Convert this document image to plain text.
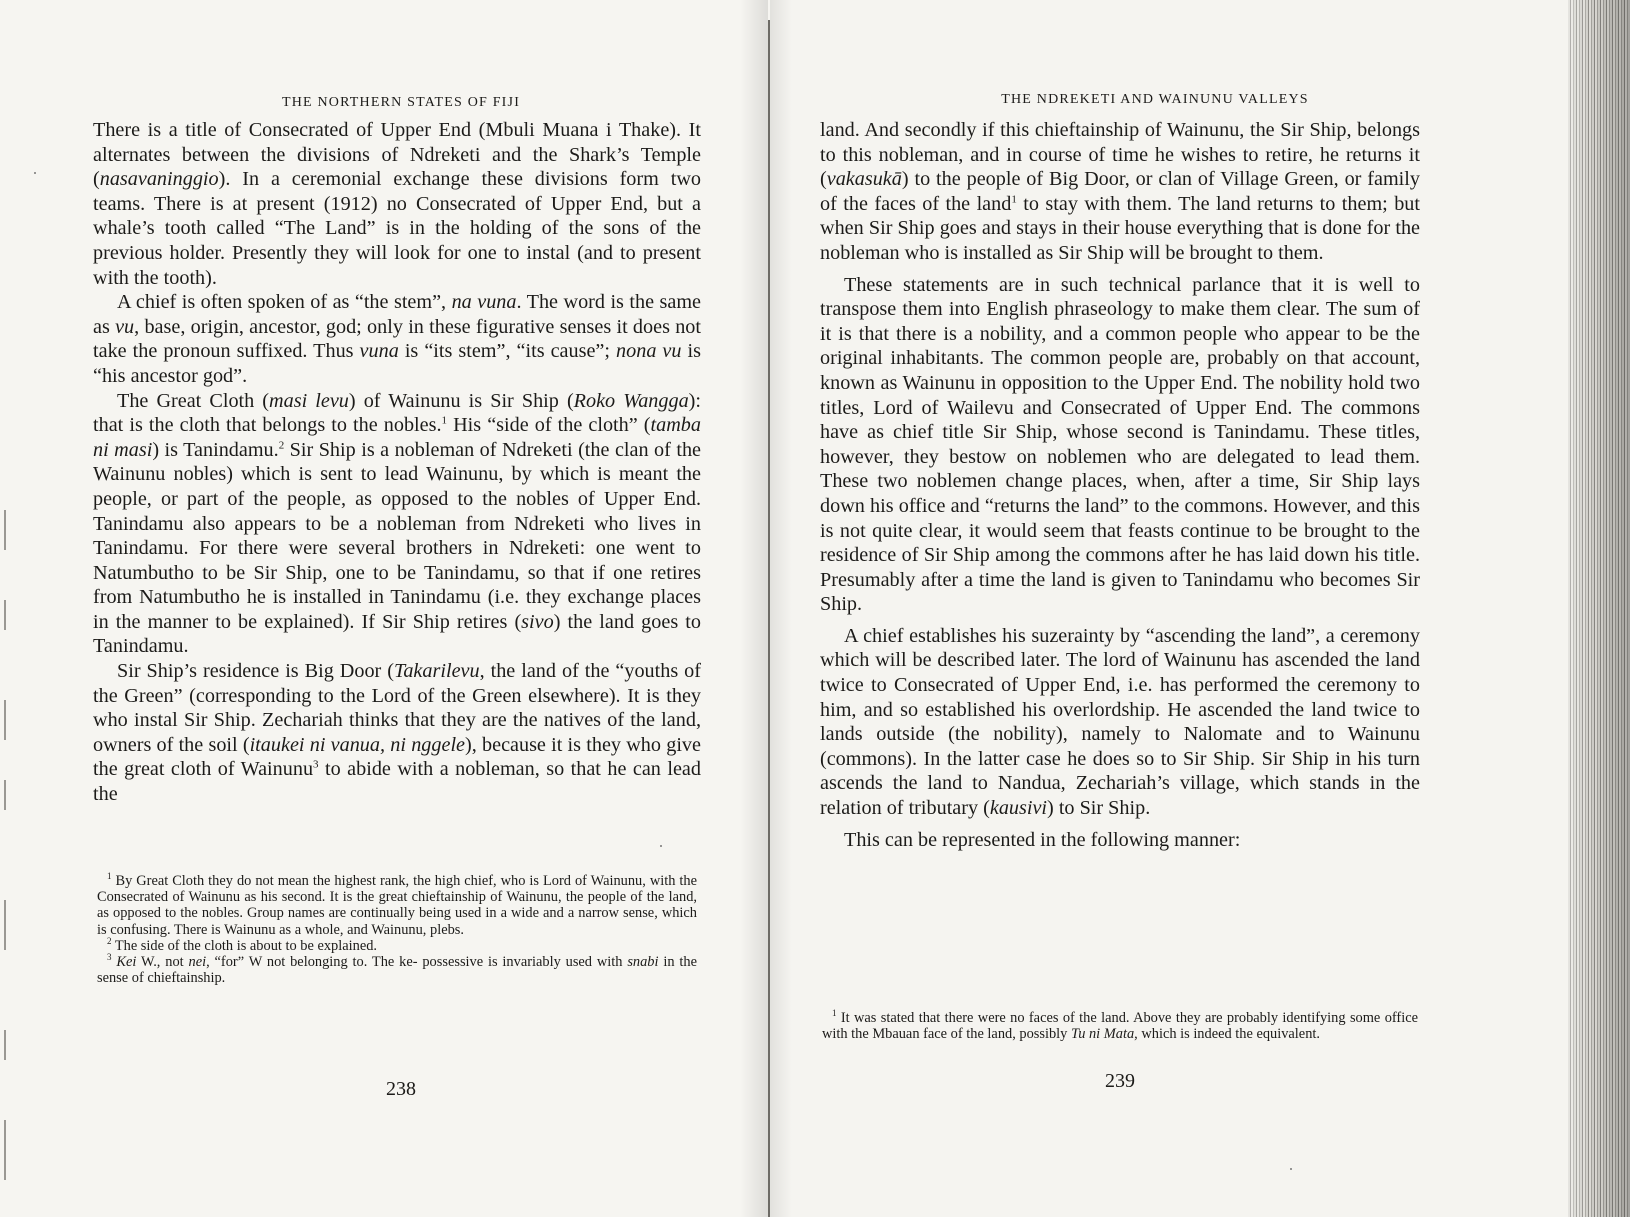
THE NORTHERN STATES OF FIJI

There is a title of Consecrated of Upper End (Mbuli Muana i Thake). It alternates between the divisions of Ndreketi and the Shark’s Temple (nasavaninggio). In a ceremonial exchange these divisions form two teams. There is at present (1912) no Consecrated of Upper End, but a whale’s tooth called “The Land” is in the holding of the sons of the previous holder. Presently they will look for one to instal (and to present with the tooth).

A chief is often spoken of as “the stem”, na vuna. The word is the same as vu, base, origin, ancestor, god; only in these figurative senses it does not take the pronoun suffixed. Thus vuna is “its stem”, “its cause”; nona vu is “his ancestor god”.

The Great Cloth (masi levu) of Wainunu is Sir Ship (Roko Wangga): that is the cloth that belongs to the nobles.$^1$ His “side of the cloth” (tamba ni masi) is Tanindamu.$^2$ Sir Ship is a nobleman of Ndreketi (the clan of the Wainunu nobles) which is sent to lead Wainunu, by which is meant the people, or part of the people, as opposed to the nobles of Upper End. Tanindamu also appears to be a nobleman from Ndreketi who lives in Tanindamu. For there were several brothers in Ndreketi: one went to Natumbutho to be Sir Ship, one to be Tanindamu, so that if one retires from Natumbutho he is installed in Tanindamu (i.e. they exchange places in the manner to be explained). If Sir Ship retires (sivo) the land goes to Tanindamu.

Sir Ship’s residence is Big Door (Takarilevu, the land of the “youths of the Green” (corresponding to the Lord of the Green elsewhere). It is they who instal Sir Ship. Zechariah thinks that they are the natives of the land, owners of the soil (itaukei ni vanua, ni nggele), because it is they who give the great cloth of Wainunu$^3$ to abide with a nobleman, so that he can lead the

$^1$ By Great Cloth they do not mean the highest rank, the high chief, who is Lord of Wainunu, with the Consecrated of Wainunu as his second. It is the great chieftainship of Wainunu, the people of the land, as opposed to the nobles. Group names are continually being used in a wide and a narrow sense, which is confusing. There is Wainunu as a whole, and Wainunu, plebs.

$^2$ The side of the cloth is about to be explained.

$^3$ Kei W., not nei, “for” W not belonging to. The ke- possessive is invariably used with snabi in the sense of chieftainship.

238
THE NDREKETI AND WAINUNU VALLEYS

land. And secondly if this chieftainship of Wainunu, the Sir Ship, belongs to this nobleman, and in course of time he wishes to retire, he returns it (vakasukā) to the people of Big Door, or clan of Village Green, or family of the faces of the land$^1$ to stay with them. The land returns to them; but when Sir Ship goes and stays in their house everything that is done for the nobleman who is installed as Sir Ship will be brought to them.

These statements are in such technical parlance that it is well to transpose them into English phraseology to make them clear. The sum of it is that there is a nobility, and a common people who appear to be the original inhabitants. The common people are, probably on that account, known as Wainunu in opposition to the Upper End. The nobility hold two titles, Lord of Wailevu and Consecrated of Upper End. The commons have as chief title Sir Ship, whose second is Tanindamu. These titles, however, they bestow on noblemen who are delegated to lead them. These two noblemen change places, when, after a time, Sir Ship lays down his office and “returns the land” to the commons. However, and this is not quite clear, it would seem that feasts continue to be brought to the residence of Sir Ship among the commons after he has laid down his title. Presumably after a time the land is given to Tanindamu who becomes Sir Ship.

A chief establishes his suzerainty by “ascending the land”, a ceremony which will be described later. The lord of Wainunu has ascended the land twice to Consecrated of Upper End, i.e. has performed the ceremony to him, and so established his overlordship. He ascended the land twice to lands outside (the nobility), namely to Nalomate and to Wainunu (commons). In the latter case he does so to Sir Ship. Sir Ship in his turn ascends the land to Nandua, Zechariah’s village, which stands in the relation of tributary (kausivi) to Sir Ship.

This can be represented in the following manner:

$^1$ It was stated that there were no faces of the land. Above they are probably identifying some office with the Mbauan face of the land, possibly Tu ni Mata, which is indeed the equivalent.

239
